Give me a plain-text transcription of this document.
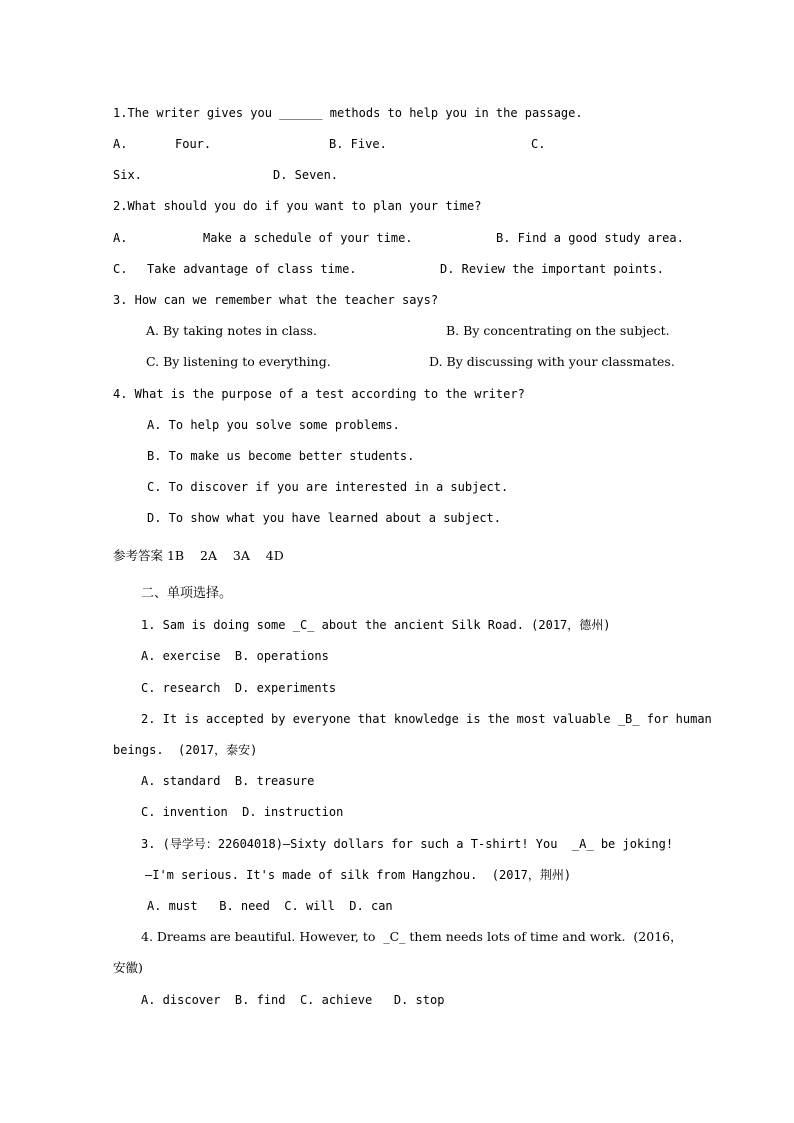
1.The writer gives you ______ methods to help you in the passage.
A.	Four.	B. Five.	C.
Six.	D. Seven.
2.What should you do if you want to plan your time?
A.	Make a schedule of your time.	B. Find a good study area.
C. Take advantage of class time.	D. Review the important points.
3. How can we remember what the teacher says?
A. By taking notes in class.	B. By concentrating on the subject.
C. By listening to everything.	D. By discussing with your classmates.
4. What is the purpose of a test according to the writer?
A. To help you solve some problems.
B. To make us become better students.
C. To discover if you are interested in a subject.
D. To show what you have learned about a subject.
参考答案 1B    2A    3A    4D
二、单项选择。
1. Sam is doing some _C_ about the ancient Silk Road. (2017，德州)
A. exercise  B. operations
C. research  D. experiments
2. It is accepted by everyone that knowledge is the most valuable _B_ for human
beings.  (2017，泰安)
A. standard  B. treasure
C. invention  D. instruction
3. (导学号：22604018)—Sixty dollars for such a T-shirt! You  _A_ be joking!
—I'm serious. It's made of silk from Hangzhou.  (2017，荆州)
A. must   B. need  C. will  D. can
4. Dreams are beautiful. However, to  _C_ them needs lots of time and work.  (2016，
安徽)
A. discover  B. find  C. achieve   D. stop
